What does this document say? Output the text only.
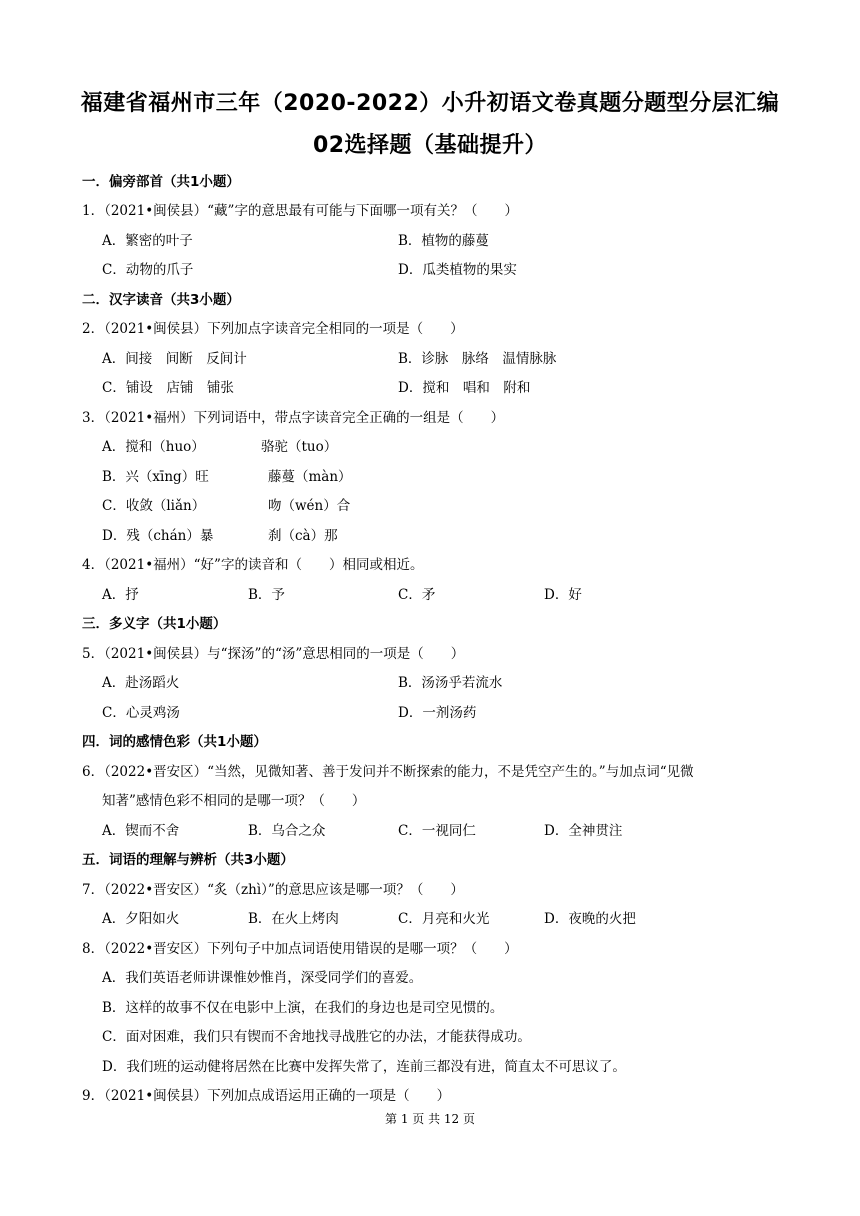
福建省福州市三年（2020-2022）小升初语文卷真题分题型分层汇编
02选择题（基础提升）
一．偏旁部首（共1小题）
1．（2021•闽侯县）“藏”字的意思最有可能与下面哪一项有关？（　　）
A．繁密的叶子	B．植物的藤蔓
C．动物的爪子	D．瓜类植物的果实
二．汉字读音（共3小题）
2．（2021•闽侯县）下列加点字读音完全相同的一项是（　　）
A．间接　间断　反间计	B．诊脉　脉络　温情脉脉
C．铺设　店铺　铺张	D．搅和　唱和　附和
3．（2021•福州）下列词语中，带点字读音完全正确的一组是（　　）
A．搅和（huo）	骆驼（tuo）
B．兴（xīng）旺	藤蔓（màn）
C．收敛（liǎn）	吻（wén）合
D．残（chán）暴	刹（cà）那
4．（2021•福州）“好”字的读音和（　　）相同或相近。
A．抒	B．予	C．矛	D．好
三．多义字（共1小题）
5．（2021•闽侯县）与“探汤”的“汤”意思相同的一项是（　　）
A．赴汤蹈火	B．汤汤乎若流水
C．心灵鸡汤	D．一剂汤药
四．词的感情色彩（共1小题）
6．（2022•晋安区）“当然，见微知著、善于发问并不断探索的能力，不是凭空产生的。”与加点词“见微
知著”感情色彩不相同的是哪一项？（　　）
A．锲而不舍	B．乌合之众	C．一视同仁	D．全神贯注
五．词语的理解与辨析（共3小题）
7．（2022•晋安区）“炙（zhì）”的意思应该是哪一项？（　　）
A．夕阳如火	B．在火上烤肉	C．月亮和火光	D．夜晚的火把
8．（2022•晋安区）下列句子中加点词语使用错误的是哪一项？（　　）
A．我们英语老师讲课惟妙惟肖，深受同学们的喜爱。
B．这样的故事不仅在电影中上演，在我们的身边也是司空见惯的。
C．面对困难，我们只有锲而不舍地找寻战胜它的办法，才能获得成功。
D．我们班的运动健将居然在比赛中发挥失常了，连前三都没有进，简直太不可思议了。
9．（2021•闽侯县）下列加点成语运用正确的一项是（　　）
第 1 页 共 12 页
